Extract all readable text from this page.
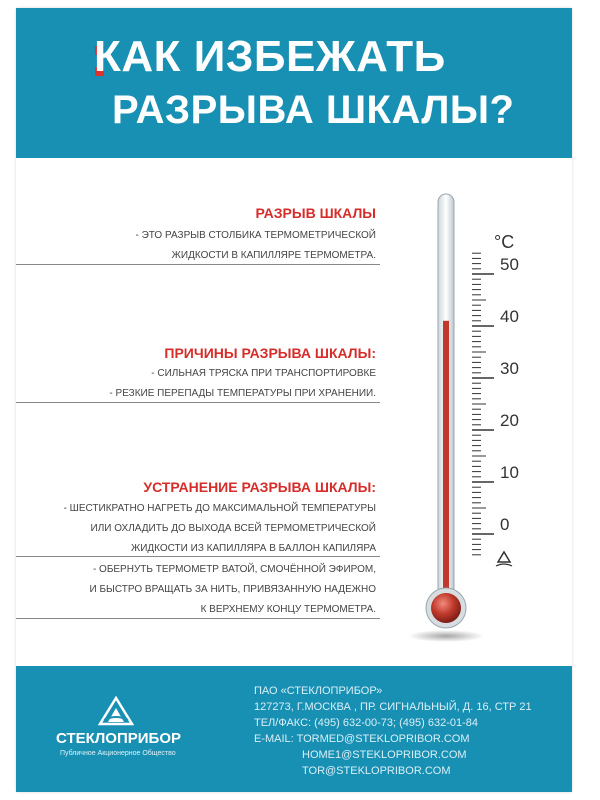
КАК ИЗБЕЖАТЬ
РАЗРЫВА ШКАЛЫ?
РАЗРЫВ ШКАЛЫ
- ЭТО РАЗРЫВ СТОЛБИКА ТЕРМОМЕТРИЧЕСКОЙ
ЖИДКОСТИ В КАПИЛЛЯРЕ ТЕРМОМЕТРА.
ПРИЧИНЫ РАЗРЫВА ШКАЛЫ:
- СИЛЬНАЯ ТРЯСКА ПРИ ТРАНСПОРТИРОВКЕ
- РЕЗКИЕ ПЕРЕПАДЫ ТЕМПЕРАТУРЫ ПРИ ХРАНЕНИИ.
УСТРАНЕНИЕ РАЗРЫВА ШКАЛЫ:
- ШЕСТИКРАТНО НАГРЕТЬ ДО МАКСИМАЛЬНОЙ ТЕМПЕРАТУРЫ
ИЛИ ОХЛАДИТЬ ДО ВЫХОДА ВСЕЙ ТЕРМОМЕТРИЧЕСКОЙ
ЖИДКОСТИ ИЗ КАПИЛЛЯРА В БАЛЛОН КАПИЛЯРА
- ОБЕРНУТЬ ТЕРМОМЕТР ВАТОЙ, СМОЧЁННОЙ ЭФИРОМ,
И БЫСТРО ВРАЩАТЬ ЗА НИТЬ, ПРИВЯЗАННУЮ НАДЕЖНО
К ВЕРХНЕМУ КОНЦУ ТЕРМОМЕТРА.
50
40
30
20
10
0
°C
СТЕКЛОПРИБОР
Публичное Акционерное Общество
ПАО «СТЕКЛОПРИБОР»
127273, Г.МОСКВА , ПР. СИГНАЛЬНЫЙ, Д. 16, СТР 21
ТЕЛ/ФАКС: (495) 632-00-73; (495) 632-01-84
E-MAIL: TORMED@STEKLOPRIBOR.COM
HOME1@STEKLOPRIBOR.COM
TOR@STEKLOPRIBOR.COM
